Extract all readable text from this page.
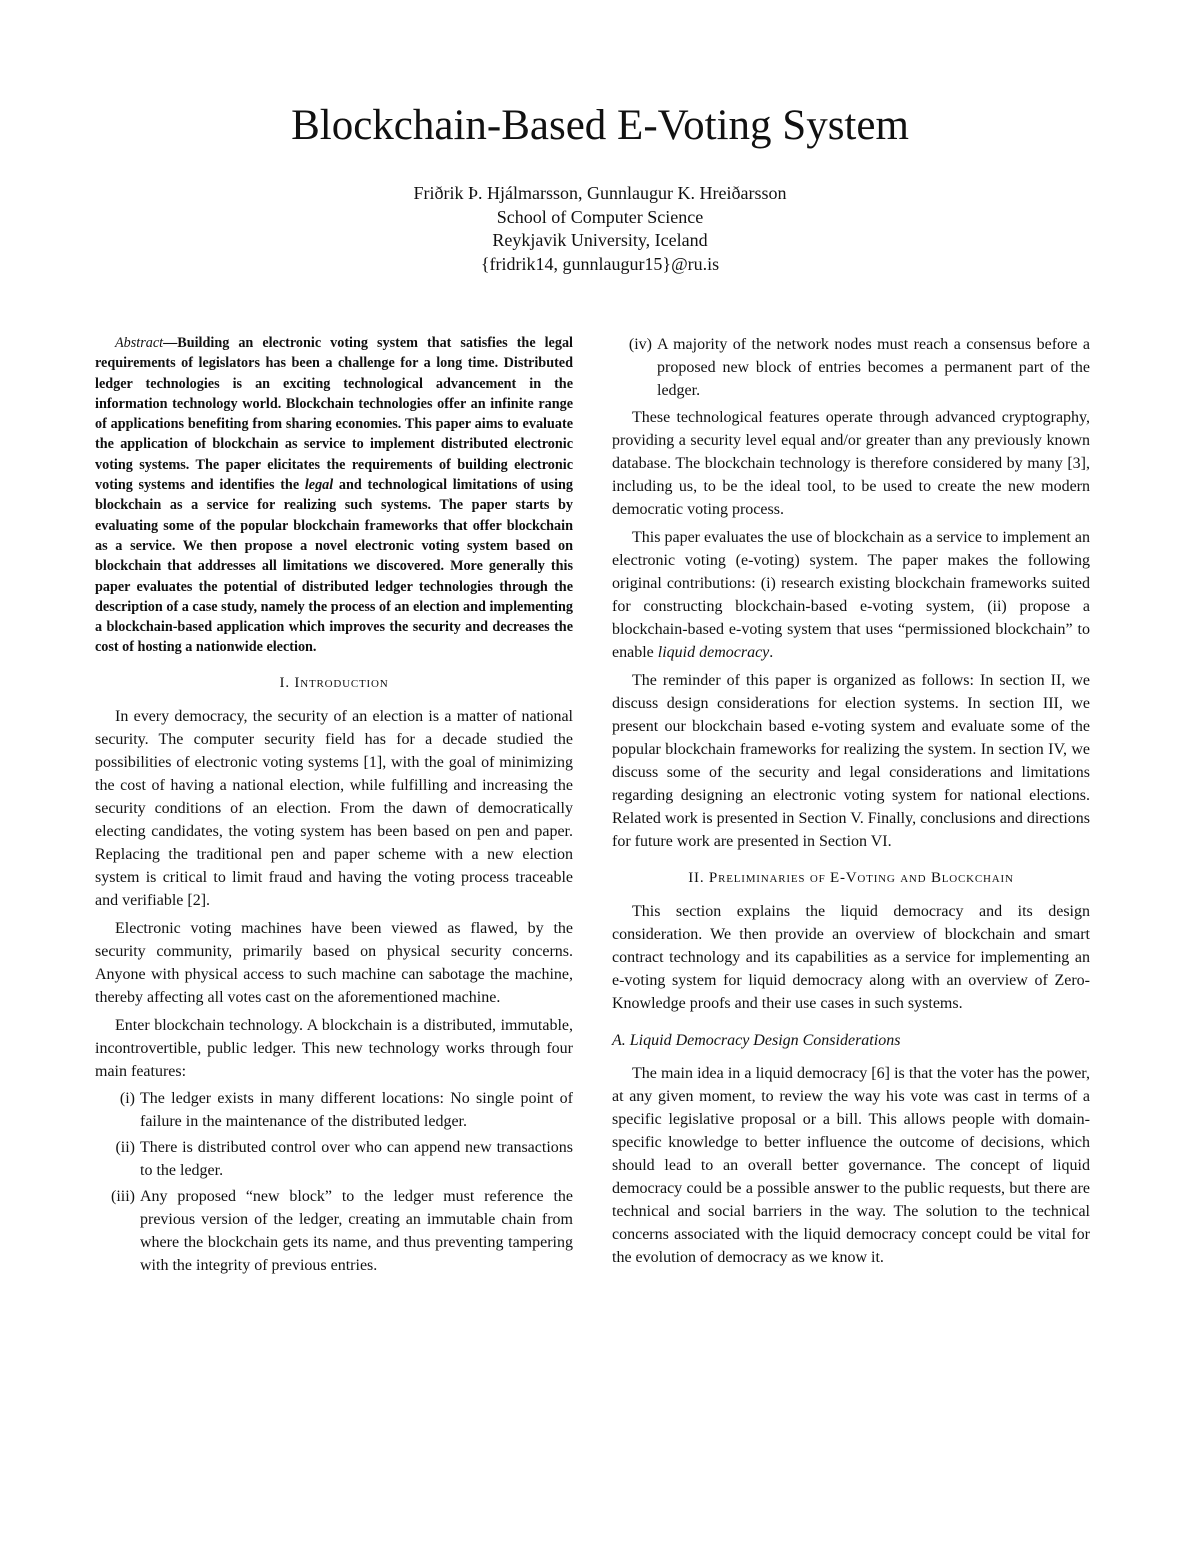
Blockchain-Based E-Voting System
Friðrik Þ. Hjálmarsson, Gunnlaugur K. Hreiðarsson
School of Computer Science
Reykjavik University, Iceland
{fridrik14, gunnlaugur15}@ru.is

Abstract—Building an electronic voting system that satisfies the legal requirements of legislators has been a challenge for a long time. Distributed ledger technologies is an exciting technological advancement in the information technology world. Blockchain technologies offer an infinite range of applications benefiting from sharing economies. This paper aims to evaluate the application of blockchain as service to implement distributed electronic voting systems. The paper elicitates the requirements of building electronic voting systems and identifies the legal and technological limitations of using blockchain as a service for realizing such systems. The paper starts by evaluating some of the popular blockchain frameworks that offer blockchain as a service. We then propose a novel electronic voting system based on blockchain that addresses all limitations we discovered. More generally this paper evaluates the potential of distributed ledger technologies through the description of a case study, namely the process of an election and implementing a blockchain-based application which improves the security and decreases the cost of hosting a nationwide election.

I. Introduction

In every democracy, the security of an election is a matter of national security. The computer security field has for a decade studied the possibilities of electronic voting systems [1], with the goal of minimizing the cost of having a national election, while fulfilling and increasing the security conditions of an election. From the dawn of democratically electing candidates, the voting system has been based on pen and paper. Replacing the traditional pen and paper scheme with a new election system is critical to limit fraud and having the voting process traceable and verifiable [2].

Electronic voting machines have been viewed as flawed, by the security community, primarily based on physical security concerns. Anyone with physical access to such machine can sabotage the machine, thereby affecting all votes cast on the aforementioned machine.

Enter blockchain technology. A blockchain is a distributed, immutable, incontrovertible, public ledger. This new technology works through four main features:

(i) The ledger exists in many different locations: No single point of failure in the maintenance of the distributed ledger.
(ii) There is distributed control over who can append new transactions to the ledger.
(iii) Any proposed “new block” to the ledger must reference the previous version of the ledger, creating an immutable chain from where the blockchain gets its name, and thus preventing tampering with the integrity of previous entries.
(iv) A majority of the network nodes must reach a consensus before a proposed new block of entries becomes a permanent part of the ledger.

These technological features operate through advanced cryptography, providing a security level equal and/or greater than any previously known database. The blockchain technology is therefore considered by many [3], including us, to be the ideal tool, to be used to create the new modern democratic voting process.

This paper evaluates the use of blockchain as a service to implement an electronic voting (e-voting) system. The paper makes the following original contributions: (i) research existing blockchain frameworks suited for constructing blockchain-based e-voting system, (ii) propose a blockchain-based e-voting system that uses “permissioned blockchain” to enable liquid democracy.

The reminder of this paper is organized as follows: In section II, we discuss design considerations for election systems. In section III, we present our blockchain based e-voting system and evaluate some of the popular blockchain frameworks for realizing the system. In section IV, we discuss some of the security and legal considerations and limitations regarding designing an electronic voting system for national elections. Related work is presented in Section V. Finally, conclusions and directions for future work are presented in Section VI.

II. Preliminaries of E-Voting and Blockchain

This section explains the liquid democracy and its design consideration. We then provide an overview of blockchain and smart contract technology and its capabilities as a service for implementing an e-voting system for liquid democracy along with an overview of Zero-Knowledge proofs and their use cases in such systems.

A. Liquid Democracy Design Considerations

The main idea in a liquid democracy [6] is that the voter has the power, at any given moment, to review the way his vote was cast in terms of a specific legislative proposal or a bill. This allows people with domain-specific knowledge to better influence the outcome of decisions, which should lead to an overall better governance. The concept of liquid democracy could be a possible answer to the public requests, but there are technical and social barriers in the way. The solution to the technical concerns associated with the liquid democracy concept could be vital for the evolution of democracy as we know it.
